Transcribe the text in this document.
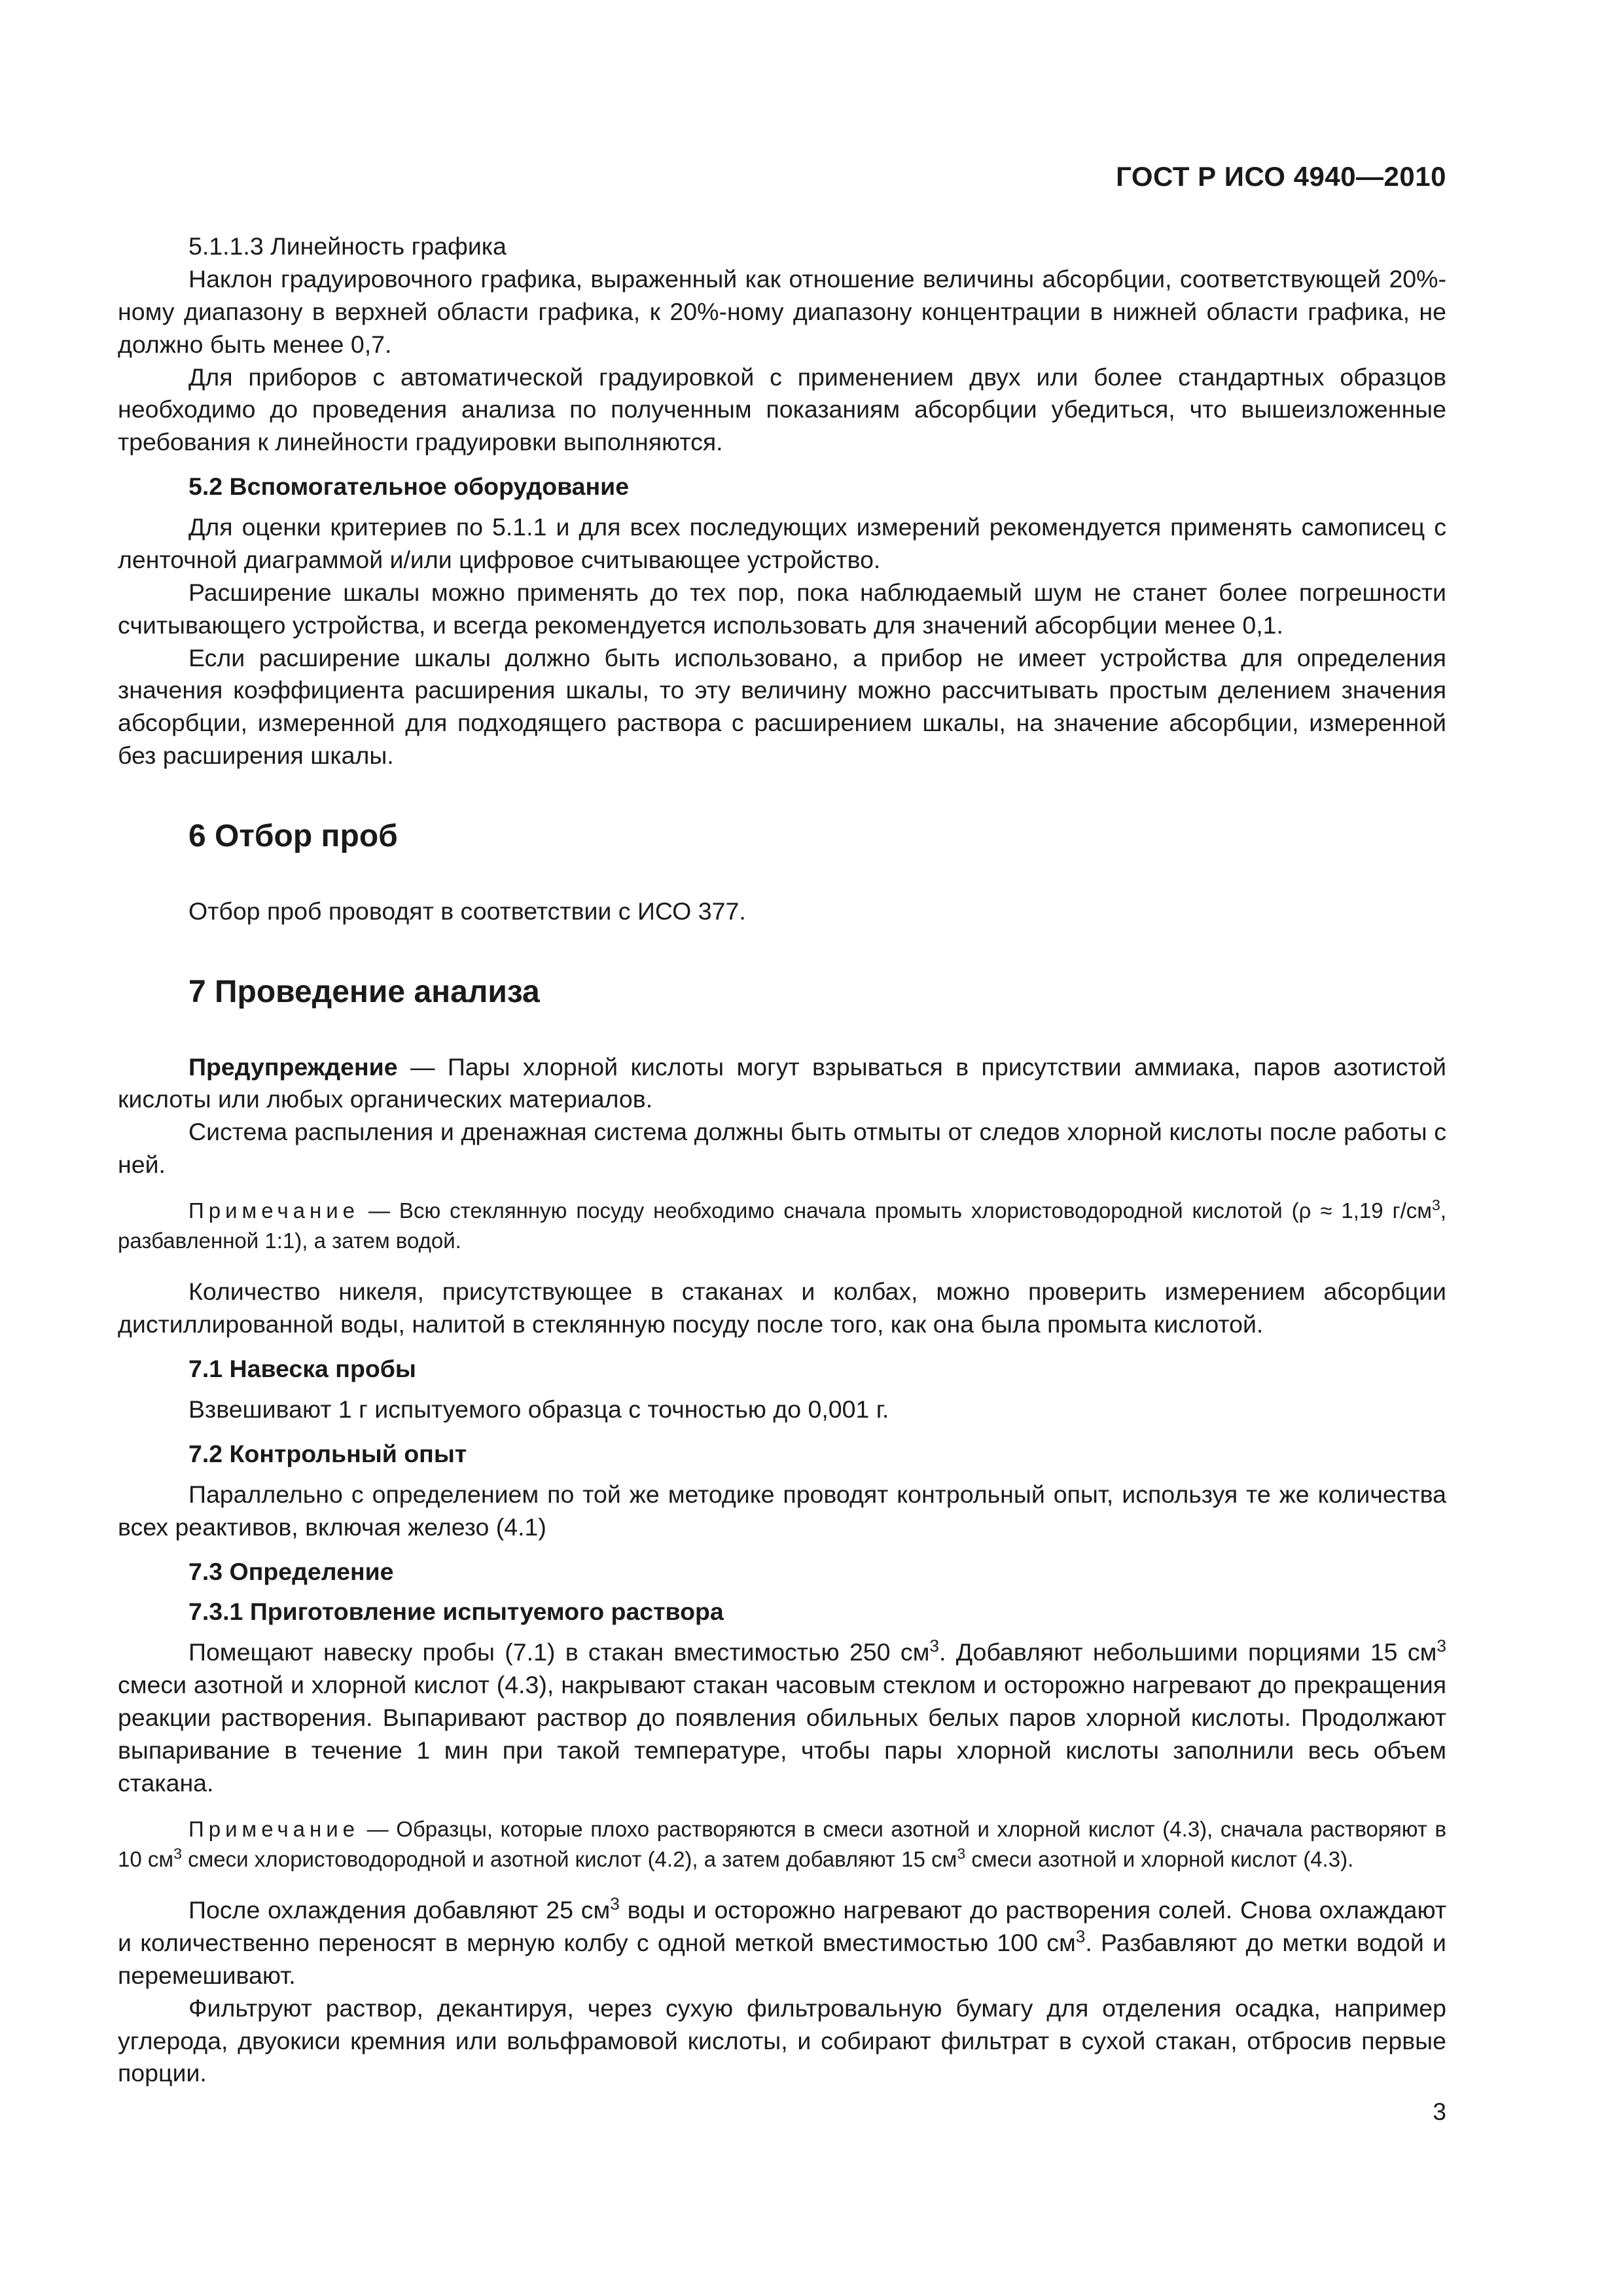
ГОСТ Р ИСО 4940—2010

5.1.1.3 Линейность графика

Наклон градуировочного графика, выраженный как отношение величины абсорбции, соответствующей 20%-ному диапазону в верхней области графика, к 20%-ному диапазону концентрации в нижней области графика, не должно быть менее 0,7.

Для приборов с автоматической градуировкой с применением двух или более стандартных образцов необходимо до проведения анализа по полученным показаниям абсорбции убедиться, что вышеизложенные требования к линейности градуировки выполняются.

5.2 Вспомогательное оборудование

Для оценки критериев по 5.1.1 и для всех последующих измерений рекомендуется применять самописец с ленточной диаграммой и/или цифровое считывающее устройство.

Расширение шкалы можно применять до тех пор, пока наблюдаемый шум не станет более погрешности считывающего устройства, и всегда рекомендуется использовать для значений абсорбции менее 0,1.

Если расширение шкалы должно быть использовано, а прибор не имеет устройства для определения значения коэффициента расширения шкалы, то эту величину можно рассчитывать простым делением значения абсорбции, измеренной для подходящего раствора с расширением шкалы, на значение абсорбции, измеренной без расширения шкалы.

6 Отбор проб

Отбор проб проводят в соответствии с ИСО 377.

7 Проведение анализа

Предупреждение — Пары хлорной кислоты могут взрываться в присутствии аммиака, паров азотистой кислоты или любых органических материалов.

Система распыления и дренажная система должны быть отмыты от следов хлорной кислоты после работы с ней.

Примечание — Всю стеклянную посуду необходимо сначала промыть хлористоводородной кислотой (ρ ≈ 1,19 $г/см^3$, разбавленной 1:1), а затем водой.

Количество никеля, присутствующее в стаканах и колбах, можно проверить измерением абсорбции дистиллированной воды, налитой в стеклянную посуду после того, как она была промыта кислотой.

7.1 Навеска пробы

Взвешивают 1 г испытуемого образца с точностью до 0,001 г.

7.2 Контрольный опыт

Параллельно с определением по той же методике проводят контрольный опыт, используя те же количества всех реактивов, включая железо (4.1)

7.3 Определение

7.3.1 Приготовление испытуемого раствора

Помещают навеску пробы (7.1) в стакан вместимостью 250 $см^3$. Добавляют небольшими порциями 15 $см^3$ смеси азотной и хлорной кислот (4.3), накрывают стакан часовым стеклом и осторожно нагревают до прекращения реакции растворения. Выпаривают раствор до появления обильных белых паров хлорной кислоты. Продолжают выпаривание в течение 1 мин при такой температуре, чтобы пары хлорной кислоты заполнили весь объем стакана.

Примечание — Образцы, которые плохо растворяются в смеси азотной и хлорной кислот (4.3), сначала растворяют в 10 $см^3$ смеси хлористоводородной и азотной кислот (4.2), а затем добавляют 15 $см^3$ смеси азотной и хлорной кислот (4.3).

После охлаждения добавляют 25 $см^3$ воды и осторожно нагревают до растворения солей. Снова охлаждают и количественно переносят в мерную колбу с одной меткой вместимостью 100 $см^3$. Разбавляют до метки водой и перемешивают.

Фильтруют раствор, декантируя, через сухую фильтровальную бумагу для отделения осадка, например углерода, двуокиси кремния или вольфрамовой кислоты, и собирают фильтрат в сухой стакан, отбросив первые порции.

3
